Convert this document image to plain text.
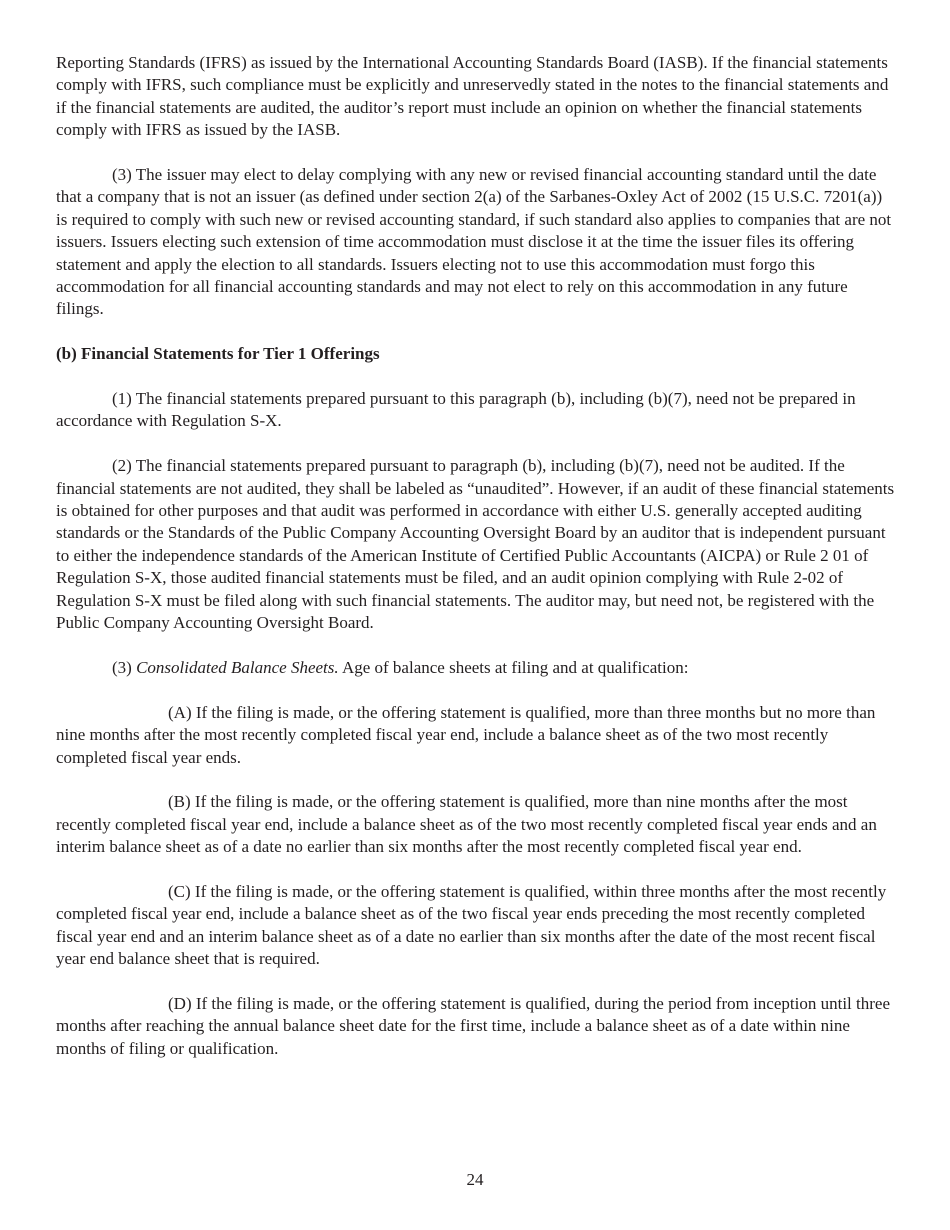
Reporting Standards (IFRS) as issued by the International Accounting Standards Board (IASB). If the financial statements comply with IFRS, such compliance must be explicitly and unreservedly stated in the notes to the financial statements and if the financial statements are audited, the auditor’s report must include an opinion on whether the financial statements comply with IFRS as issued by the IASB.

(3) The issuer may elect to delay complying with any new or revised financial accounting standard until the date that a company that is not an issuer (as defined under section 2(a) of the Sarbanes-Oxley Act of 2002 (15 U.S.C. 7201(a)) is required to comply with such new or revised accounting standard, if such standard also applies to companies that are not issuers. Issuers electing such extension of time accommodation must disclose it at the time the issuer files its offering statement and apply the election to all standards. Issuers electing not to use this accommodation must forgo this accommodation for all financial accounting standards and may not elect to rely on this accommodation in any future filings.

(b) Financial Statements for Tier 1 Offerings

(1) The financial statements prepared pursuant to this paragraph (b), including (b)(7), need not be prepared in accordance with Regulation S-X.

(2) The financial statements prepared pursuant to paragraph (b), including (b)(7), need not be audited. If the financial statements are not audited, they shall be labeled as “unaudited”. However, if an audit of these financial statements is obtained for other purposes and that audit was performed in accordance with either U.S. generally accepted auditing standards or the Standards of the Public Company Accounting Oversight Board by an auditor that is independent pursuant to either the independence standards of the American Institute of Certified Public Accountants (AICPA) or Rule 2 01 of Regulation S-X, those audited financial statements must be filed, and an audit opinion complying with Rule 2-02 of Regulation S-X must be filed along with such financial statements. The auditor may, but need not, be registered with the Public Company Accounting Oversight Board.

(3) Consolidated Balance Sheets. Age of balance sheets at filing and at qualification:

(A) If the filing is made, or the offering statement is qualified, more than three months but no more than nine months after the most recently completed fiscal year end, include a balance sheet as of the two most recently completed fiscal year ends.

(B) If the filing is made, or the offering statement is qualified, more than nine months after the most recently completed fiscal year end, include a balance sheet as of the two most recently completed fiscal year ends and an interim balance sheet as of a date no earlier than six months after the most recently completed fiscal year end.

(C) If the filing is made, or the offering statement is qualified, within three months after the most recently completed fiscal year end, include a balance sheet as of the two fiscal year ends preceding the most recently completed fiscal year end and an interim balance sheet as of a date no earlier than six months after the date of the most recent fiscal year end balance sheet that is required.

(D) If the filing is made, or the offering statement is qualified, during the period from inception until three months after reaching the annual balance sheet date for the first time, include a balance sheet as of a date within nine months of filing or qualification.

24
